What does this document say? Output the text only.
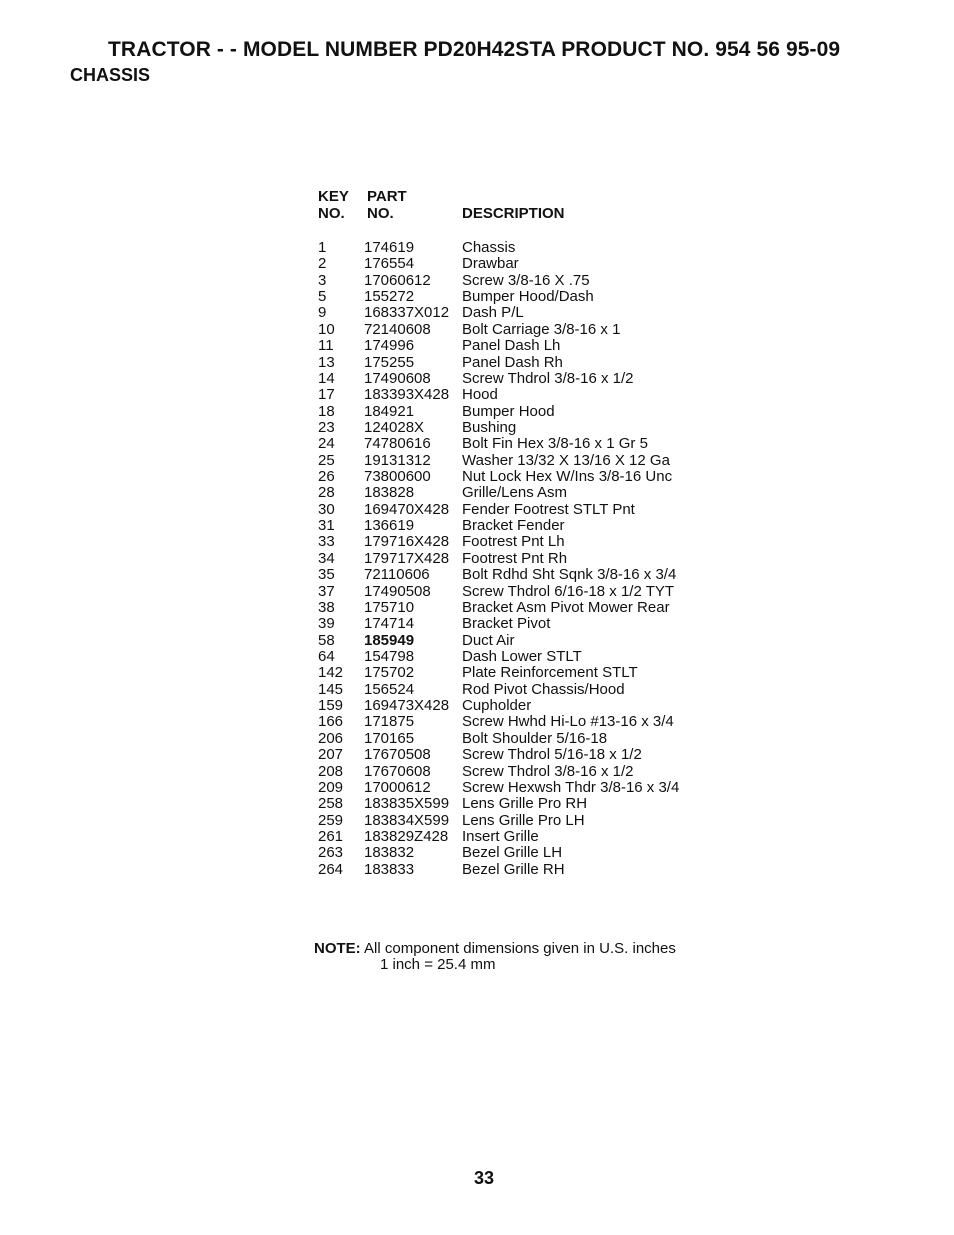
TRACTOR - - MODEL NUMBER PD20H42STA PRODUCT NO. 954 56 95-09
CHASSIS
KEY
NO.
PART
NO.	DESCRIPTION
1	174619	Chassis
2	176554	Drawbar
3	17060612 Screw 3/8-16 X .75
5	155272	Bumper Hood/Dash
9	168337X012 Dash P/L
10 72140608 Bolt Carriage 3/8-16 x 1
11 174996	Panel Dash Lh
13 175255	Panel Dash Rh
14 17490608 Screw Thdrol 3/8-16 x 1/2
17 183393X428 Hood
18 184921	Bumper Hood
23 124028X	Bushing
24 74780616 Bolt Fin Hex 3/8-16 x 1 Gr 5
25 19131312 Washer 13/32 X 13/16 X 12 Ga
26 73800600 Nut Lock Hex W/Ins 3/8-16 Unc
28 183828	Grille/Lens Asm
30 169470X428 Fender Footrest STLT Pnt
31 136619	Bracket Fender
33 179716X428 Footrest Pnt Lh
34 179717X428 Footrest Pnt Rh
35 72110606 Bolt Rdhd Sht Sqnk 3/8-16 x 3/4
37 17490508 Screw Thdrol 6/16-18 x 1/2 TYT
38 175710	Bracket Asm Pivot Mower Rear
39 174714	Bracket Pivot
58 185949	Duct Air
64 154798	Dash Lower STLT
142 175702	Plate Reinforcement STLT
145 156524	Rod Pivot Chassis/Hood
159 169473X428 Cupholder
166 171875	Screw Hwhd Hi-Lo #13-16 x 3/4
206 170165	Bolt Shoulder 5/16-18
207 17670508 Screw Thdrol 5/16-18 x 1/2
208 17670608 Screw Thdrol 3/8-16 x 1/2
209 17000612 Screw Hexwsh Thdr 3/8-16 x 3/4
258 183835X599 Lens Grille Pro RH
259 183834X599 Lens Grille Pro LH
261 183829Z428 Insert Grille
263 183832	Bezel Grille LH
264 183833	Bezel Grille RH
NOTE: All component dimensions given in U.S. inches
1 inch = 25.4 mm
33
